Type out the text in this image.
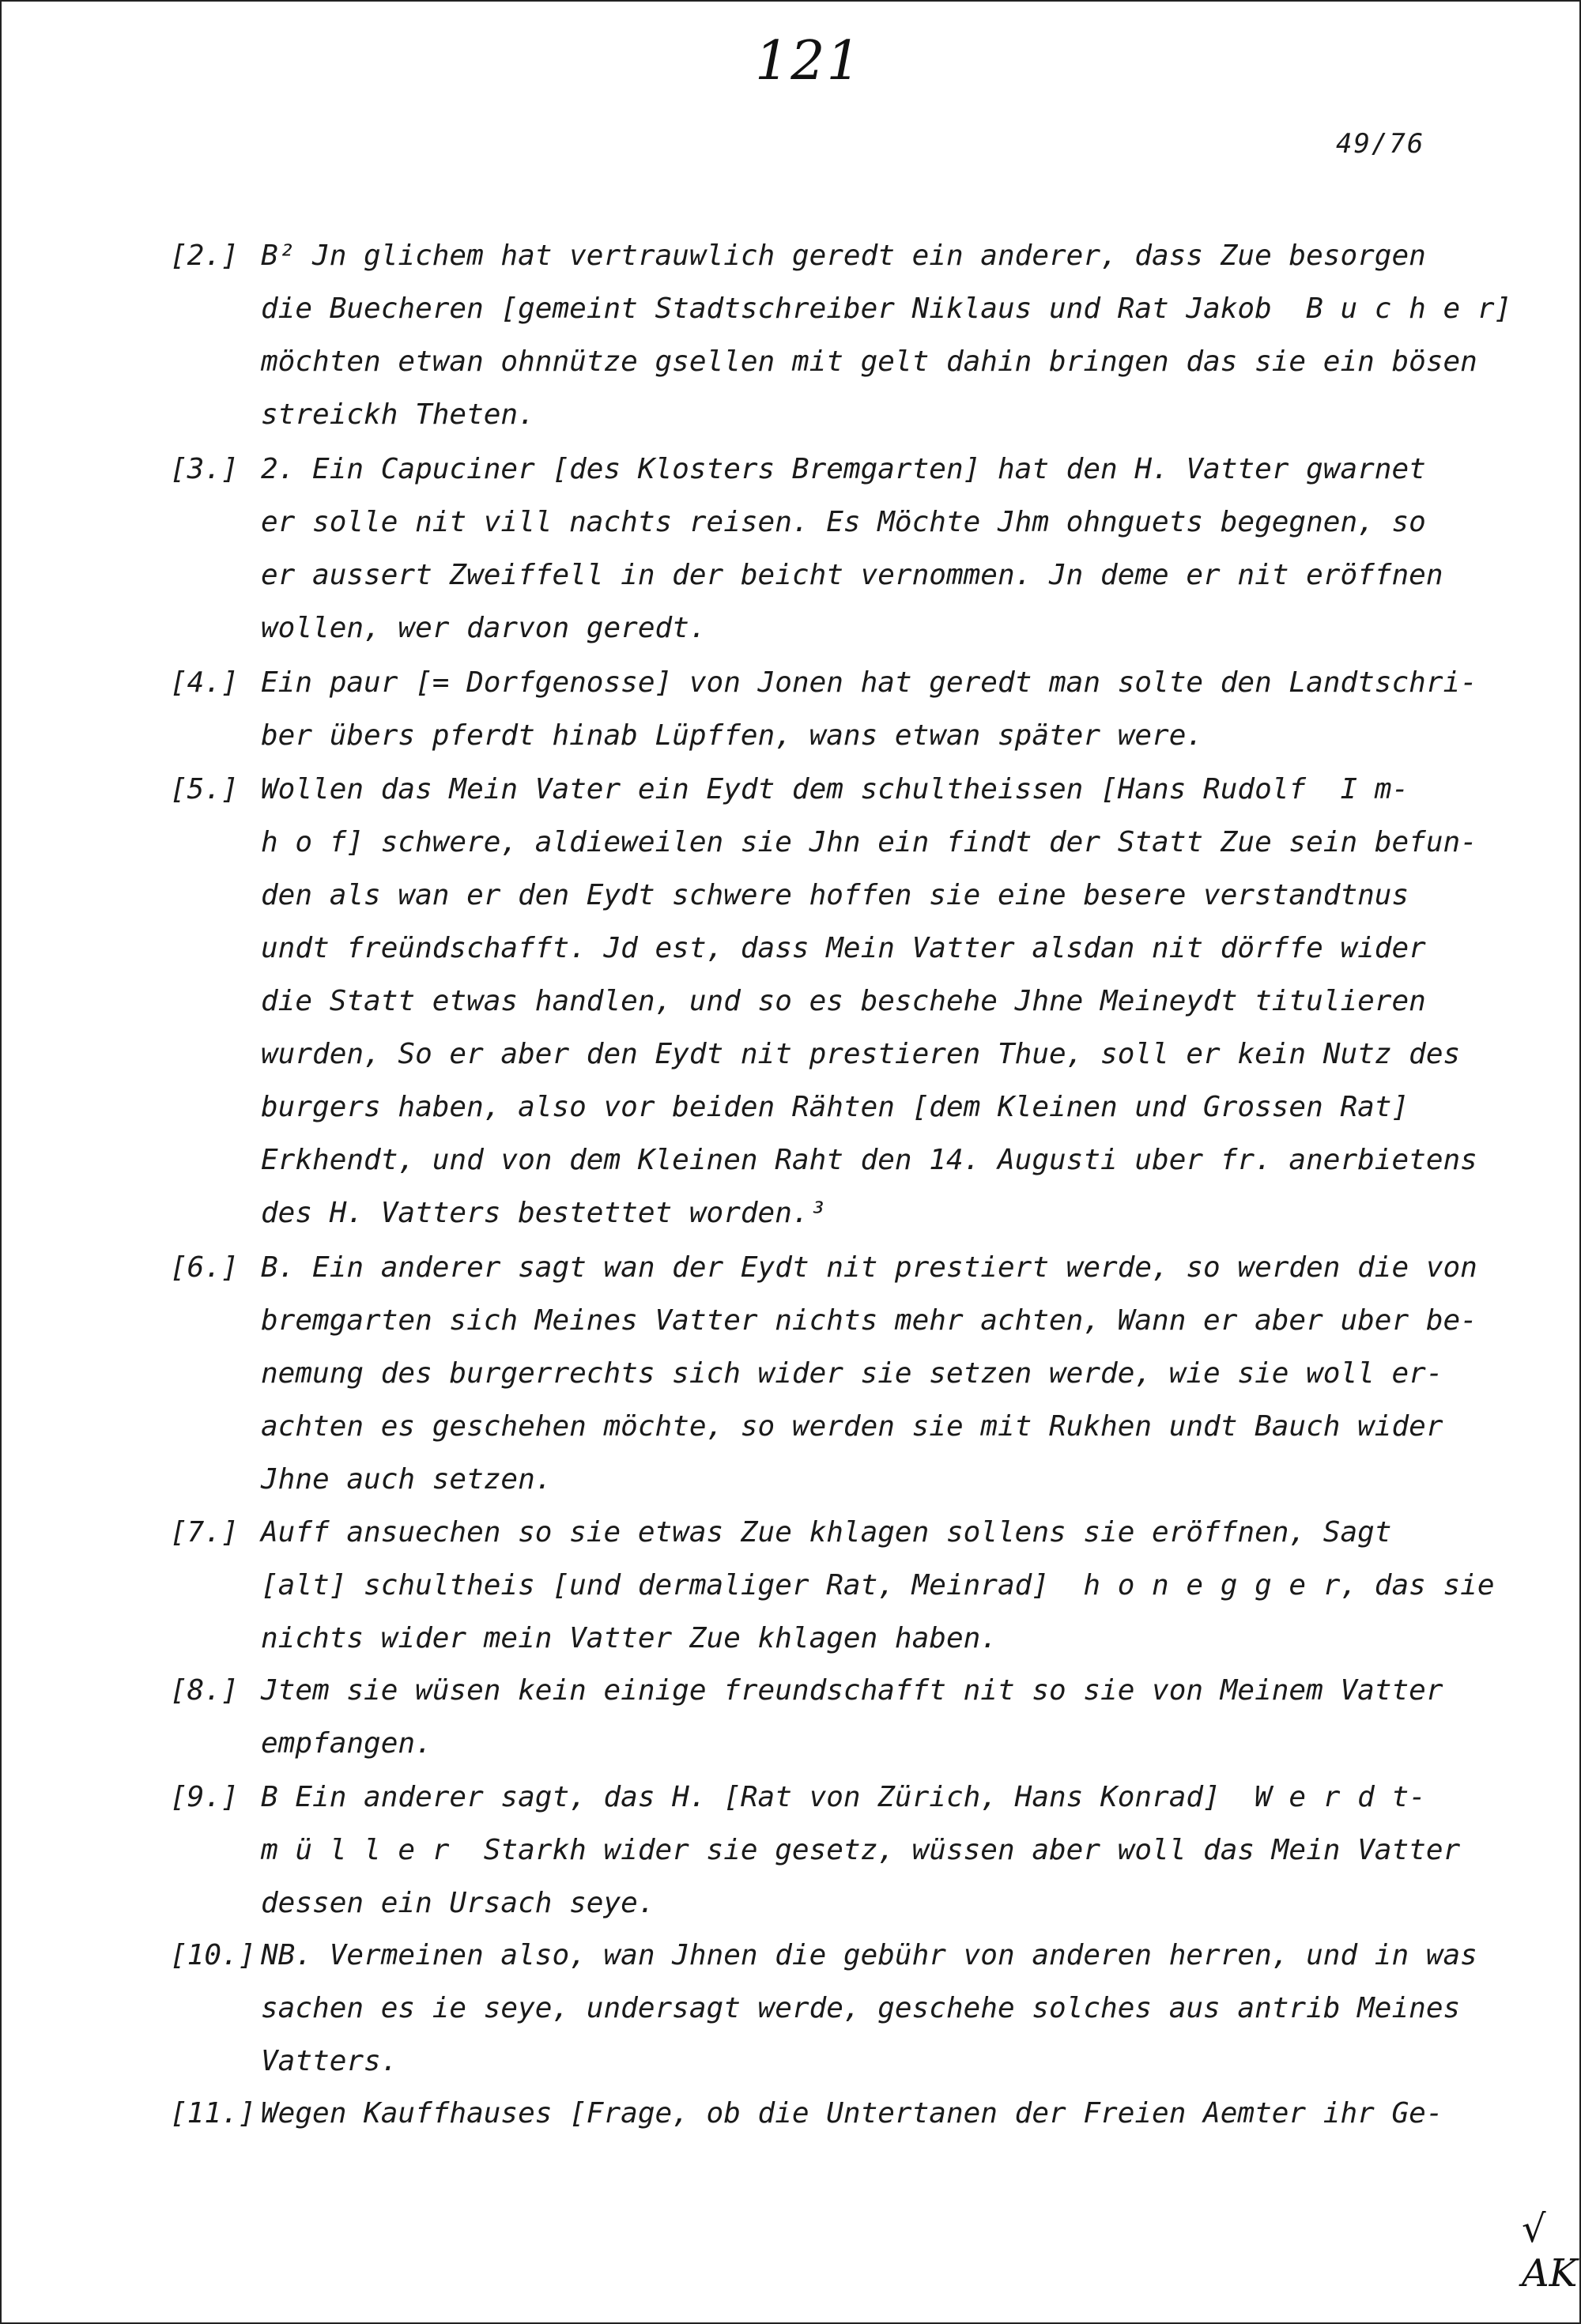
121
49/76
[2.] B² Jn glichem hat vertrauwlich geredt ein anderer, dass Zue besorgen
die Buecheren [gemeint Stadtschreiber Niklaus und Rat Jakob  B u c h e r]
möchten etwan ohnnütze gsellen mit gelt dahin bringen das sie ein bösen
streickh Theten.
[3.] 2. Ein Capuciner [des Klosters Bremgarten] hat den H. Vatter gwarnet
er solle nit vill nachts reisen. Es Möchte Jhm ohnguets begegnen, so
er aussert Zweiffell in der beicht vernommen. Jn deme er nit eröffnen
wollen, wer darvon geredt.
[4.] Ein paur [= Dorfgenosse] von Jonen hat geredt man solte den Landtschri-
ber übers pferdt hinab Lüpffen, wans etwan später were.
[5.] Wollen das Mein Vater ein Eydt dem schultheissen [Hans Rudolf  I m-
h o f] schwere, aldieweilen sie Jhn ein findt der Statt Zue sein befun-
den als wan er den Eydt schwere hoffen sie eine besere verstandtnus
undt freündschafft. Jd est, dass Mein Vatter alsdan nit dörffe wider
die Statt etwas handlen, und so es beschehe Jhne Meineydt titulieren
wurden, So er aber den Eydt nit prestieren Thue, soll er kein Nutz des
burgers haben, also vor beiden Rähten [dem Kleinen und Grossen Rat]
Erkhendt, und von dem Kleinen Raht den 14. Augusti uber fr. anerbietens
des H. Vatters bestettet worden.³
[6.] B. Ein anderer sagt wan der Eydt nit prestiert werde, so werden die von
bremgarten sich Meines Vatter nichts mehr achten, Wann er aber uber be-
nemung des burgerrechts sich wider sie setzen werde, wie sie woll er-
achten es geschehen möchte, so werden sie mit Rukhen undt Bauch wider
Jhne auch setzen.
[7.] Auff ansuechen so sie etwas Zue khlagen sollens sie eröffnen, Sagt
[alt] schultheis [und dermaliger Rat, Meinrad]  h o n e g g e r, das sie
nichts wider mein Vatter Zue khlagen haben.
[8.] Jtem sie wüsen kein einige freundschafft nit so sie von Meinem Vatter
empfangen.
[9.] B Ein anderer sagt, das H. [Rat von Zürich, Hans Konrad]  W e r d t-
m ü l l e r  Starkh wider sie gesetz, wüssen aber woll das Mein Vatter
dessen ein Ursach seye.
[10.] NB. Vermeinen also, wan Jhnen die gebühr von anderen herren, und in was
sachen es ie seye, undersagt werde, geschehe solches aus antrib Meines
Vatters.
[11.] Wegen Kauffhauses [Frage, ob die Untertanen der Freien Aemter ihr Ge-
√ AK
